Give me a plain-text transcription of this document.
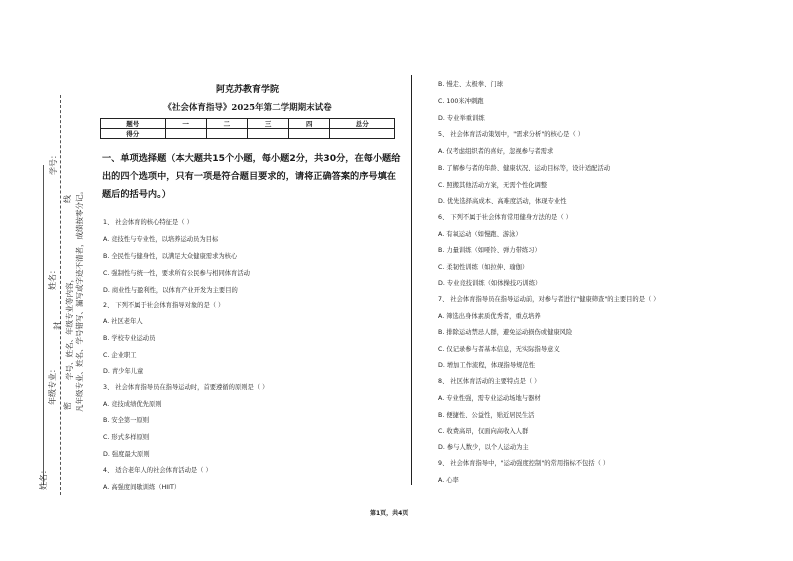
学号：
姓名：
年级专业：
姓名：
凡年级专业、姓名、学号错写、漏写或字迹不清者，成绩按零分记。
学号、姓名、年级专业等内容，
封
线
密
阿克苏教育学院
《社会体育指导》2025年第二学期期末试卷
题号	一	二	三	四	总分
得分					
一、单项选择题（本大题共15个小题，每小题2分，共30分，在每小题给出的四个选项中，只有一项是符合题目要求的，请将正确答案的序号填在题后的括号内。）
1、 社会体育的核心特征是（ ）
A. 竞技性与专业性，以培养运动员为目标
B. 全民性与健身性，以满足大众健康需求为核心
C. 强制性与统一性，要求所有公民参与相同体育活动
D. 商业性与盈利性，以体育产业开发为主要目的
2、 下列不属于社会体育指导对象的是（ ）
A. 社区老年人
B. 学校专业运动员
C. 企业职工
D. 青少年儿童
3、 社会体育指导员在指导运动时，首要遵循的原则是（ ）
A. 竞技成绩优先原则
B. 安全第一原则
C. 形式多样原则
D. 强度最大原则
4、 适合老年人的社会体育活动是（ ）
A. 高强度间歇训练（HIIT）
B. 慢走、太极拳、门球
C. 100米冲刺跑
D. 专业举重训练
5、 社会体育活动策划中，"需求分析"的核心是（ ）
A. 仅考虑组织者的喜好，忽视参与者需求
B. 了解参与者的年龄、健康状况、运动目标等，设计适配活动
C. 照搬其他活动方案，无需个性化调整
D. 优先选择高成本、高难度活动，体现专业性
6、 下列不属于社会体育常用健身方法的是（ ）
A. 有氧运动（如慢跑、游泳）
B. 力量训练（如哑铃、弹力带练习）
C. 柔韧性训练（如拉伸、瑜伽）
D. 专业竞技训练（如体操技巧训练）
7、 社会体育指导员在指导运动前，对参与者进行"健康筛查"的主要目的是（ ）
A. 筛选出身体素质优秀者，重点培养
B. 排除运动禁忌人群，避免运动损伤或健康风险
C. 仅记录参与者基本信息，无实际指导意义
D. 增加工作流程，体现指导规范性
8、 社区体育活动的主要特点是（ ）
A. 专业性强，需专业运动场地与器材
B. 便捷性、公益性，贴近居民生活
C. 收费高昂，仅面向高收入人群
D. 参与人数少，以个人运动为主
9、 社会体育指导中，"运动强度控制"的常用指标不包括（ ）
A. 心率
第1页，共4页
